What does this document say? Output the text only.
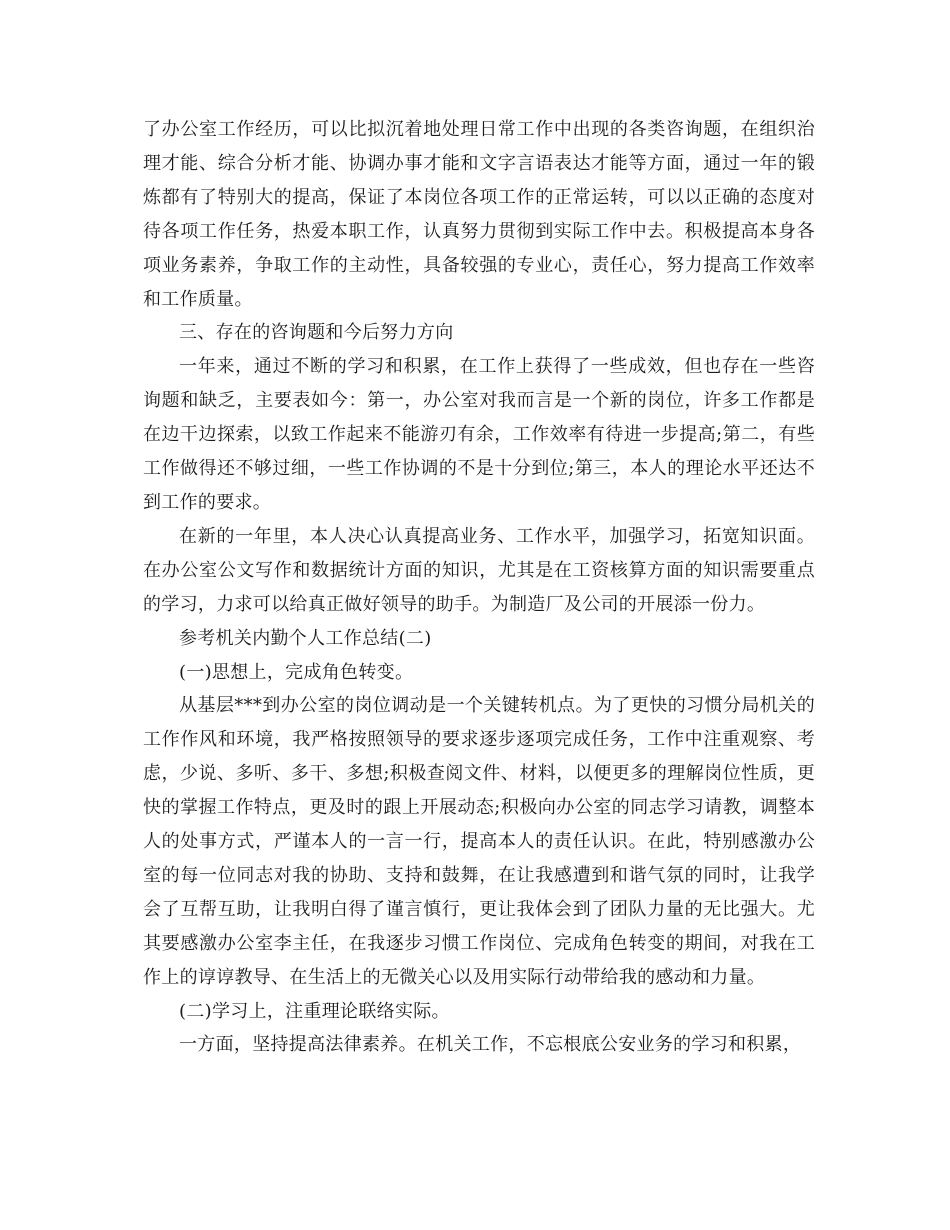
了办公室工作经历，可以比拟沉着地处理日常工作中出现的各类咨询题，在组织治理才能、综合分析才能、协调办事才能和文字言语表达才能等方面，通过一年的锻炼都有了特别大的提高，保证了本岗位各项工作的正常运转，可以以正确的态度对待各项工作任务，热爱本职工作，认真努力贯彻到实际工作中去。积极提高本身各项业务素养，争取工作的主动性，具备较强的专业心，责任心，努力提高工作效率和工作质量。

三、存在的咨询题和今后努力方向

一年来，通过不断的学习和积累，在工作上获得了一些成效，但也存在一些咨询题和缺乏，主要表如今：第一，办公室对我而言是一个新的岗位，许多工作都是在边干边探索，以致工作起来不能游刃有余，工作效率有待进一步提高;第二，有些工作做得还不够过细，一些工作协调的不是十分到位;第三，本人的理论水平还达不到工作的要求。

在新的一年里，本人决心认真提高业务、工作水平，加强学习，拓宽知识面。在办公室公文写作和数据统计方面的知识，尤其是在工资核算方面的知识需要重点的学习，力求可以给真正做好领导的助手。为制造厂及公司的开展添一份力。

参考机关内勤个人工作总结(二)

(一)思想上，完成角色转变。

从基层***到办公室的岗位调动是一个关键转机点。为了更快的习惯分局机关的工作作风和环境，我严格按照领导的要求逐步逐项完成任务，工作中注重观察、考虑，少说、多听、多干、多想;积极查阅文件、材料，以便更多的理解岗位性质，更快的掌握工作特点，更及时的跟上开展动态;积极向办公室的同志学习请教，调整本人的处事方式，严谨本人的一言一行，提高本人的责任认识。在此，特别感激办公室的每一位同志对我的协助、支持和鼓舞，在让我感遭到和谐气氛的同时，让我学会了互帮互助，让我明白得了谨言慎行，更让我体会到了团队力量的无比强大。尤其要感激办公室李主任，在我逐步习惯工作岗位、完成角色转变的期间，对我在工作上的谆谆教导、在生活上的无微关心以及用实际行动带给我的感动和力量。

(二)学习上，注重理论联络实际。

一方面，坚持提高法律素养。在机关工作，不忘根底公安业务的学习和积累，
